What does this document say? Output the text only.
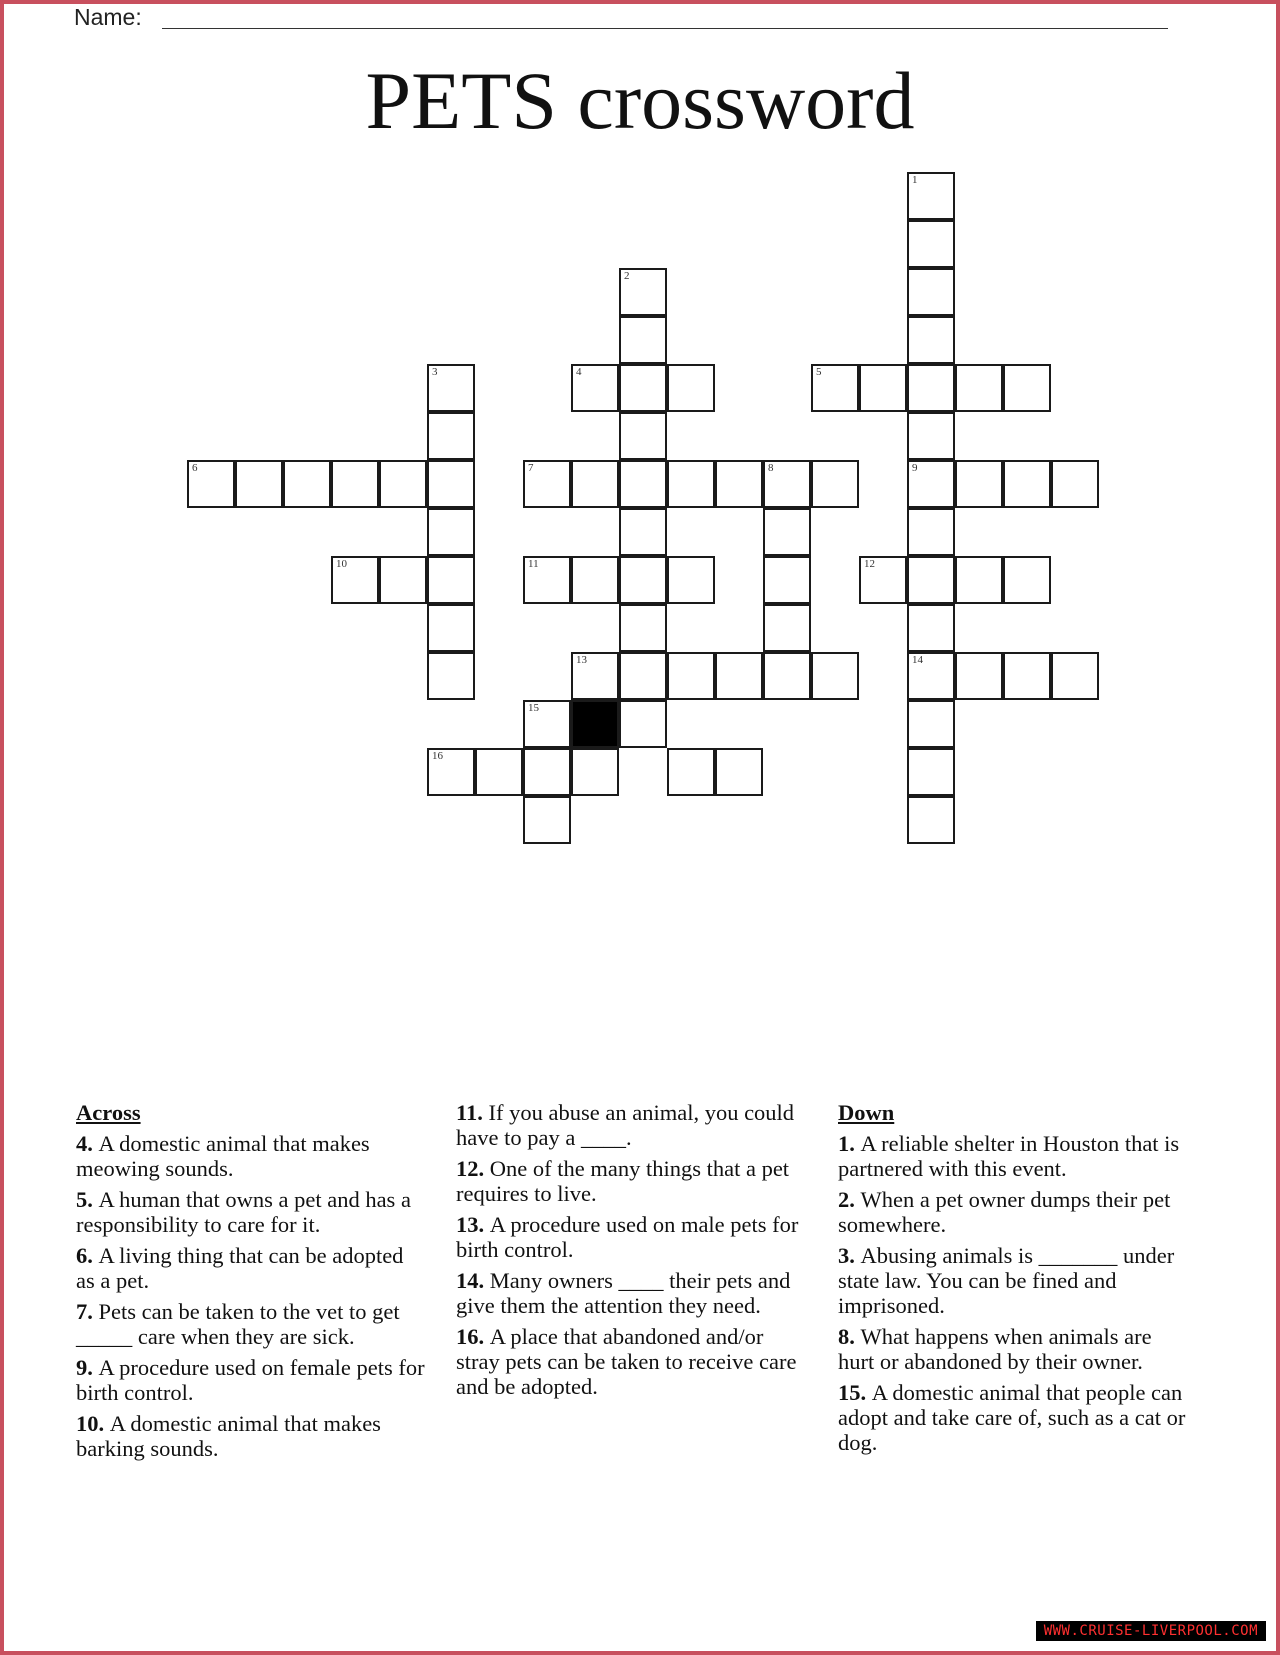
Name:
PETS crossword
1
9
14
2
3	4	5
6	7	8
10	11	12
13
15
16
Across
4. A domestic animal that makes meowing sounds.
5. A human that owns a pet and has a responsibility to care for it.
6. A living thing that can be adopted as a pet.
7. Pets can be taken to the vet to get _____ care when they are sick.
9. A procedure used on female pets for birth control.
10. A domestic animal that makes barking sounds.
11. If you abuse an animal, you could have to pay a ____.
12. One of the many things that a pet requires to live.
13. A procedure used on male pets for birth control.
14. Many owners ____ their pets and give them the attention they need.
16. A place that abandoned and/or stray pets can be taken to receive care and be adopted.
Down
1. A reliable shelter in Houston that is partnered with this event.
2. When a pet owner dumps their pet somewhere.
3. Abusing animals is _______ under state law. You can be fined and imprisoned.
8. What happens when animals are hurt or abandoned by their owner.
15. A domestic animal that people can adopt and take care of, such as a cat or dog.
WWW.CRUISE-LIVERPOOL.COM
